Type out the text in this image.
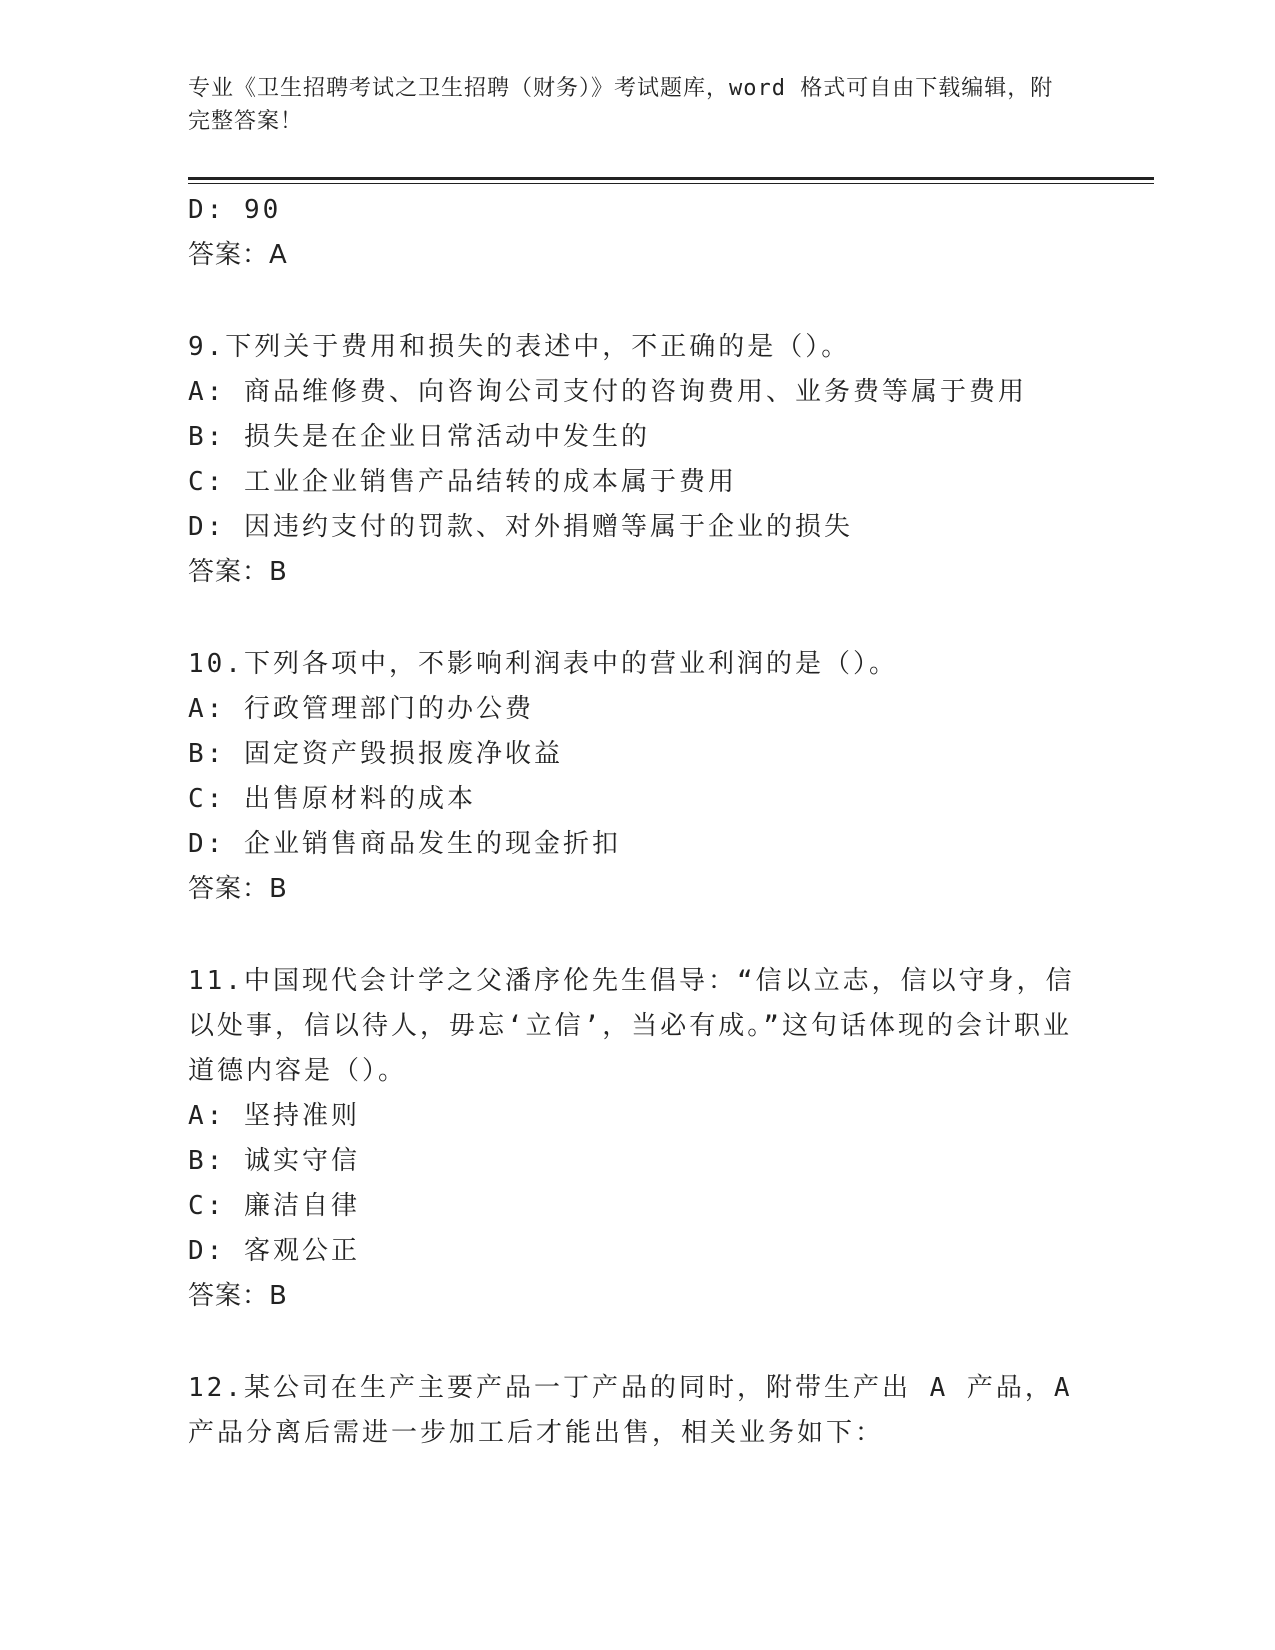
专业《卫生招聘考试之卫生招聘（财务）》考试题库，word 格式可自由下载编辑，附完整答案！
D: 90
答案：A
9.下列关于费用和损失的表述中，不正确的是（）。
A: 商品维修费、向咨询公司支付的咨询费用、业务费等属于费用
B: 损失是在企业日常活动中发生的
C: 工业企业销售产品结转的成本属于费用
D: 因违约支付的罚款、对外捐赠等属于企业的损失
答案：B
10.下列各项中，不影响利润表中的营业利润的是（）。
A: 行政管理部门的办公费
B: 固定资产毁损报废净收益
C: 出售原材料的成本
D: 企业销售商品发生的现金折扣
答案：B
11.中国现代会计学之父潘序伦先生倡导：“信以立志，信以守身，信以处事，信以待人，毋忘‘立信’，当必有成。”这句话体现的会计职业道德内容是（）。
A: 坚持准则
B: 诚实守信
C: 廉洁自律
D: 客观公正
答案：B
12.某公司在生产主要产品一丁产品的同时，附带生产出 A 产品，A 产品分离后需进一步加工后才能出售，相关业务如下：
